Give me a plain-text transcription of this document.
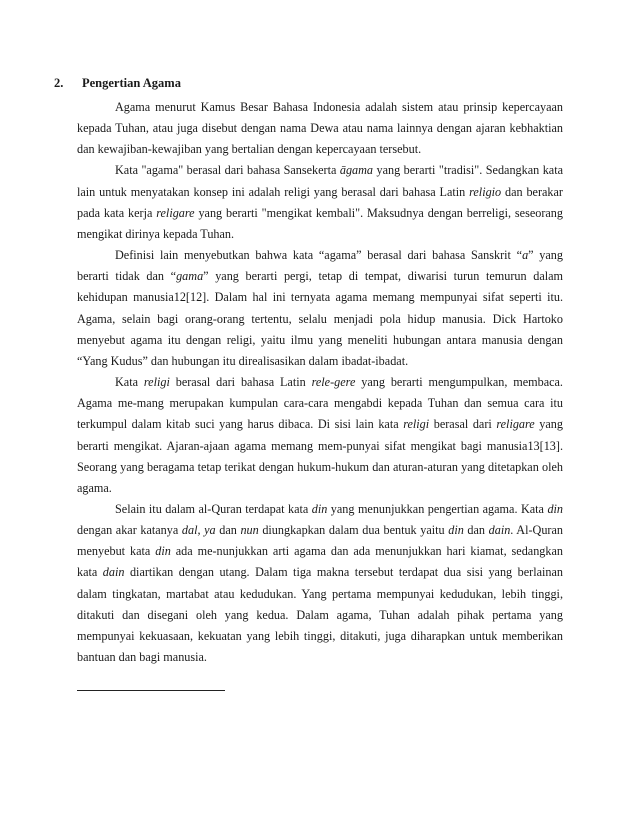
2. Pengertian Agama

Agama menurut Kamus Besar Bahasa Indonesia adalah sistem atau prinsip kepercayaan kepada Tuhan, atau juga disebut dengan nama Dewa atau nama lainnya dengan ajaran kebhaktian dan kewajiban-kewajiban yang bertalian dengan kepercayaan tersebut.

Kata "agama" berasal dari bahasa Sansekerta āgama yang berarti "tradisi". Sedangkan kata lain untuk menyatakan konsep ini adalah religi yang berasal dari bahasa Latin religio dan berakar pada kata kerja religare yang berarti "mengikat kembali". Maksudnya dengan berreligi, seseorang mengikat dirinya kepada Tuhan.

Definisi lain menyebutkan bahwa kata “agama” berasal dari bahasa Sanskrit “a” yang berarti tidak dan “gama” yang berarti pergi, tetap di tempat, diwarisi turun temurun dalam kehidupan manusia12[12]. Dalam hal ini ternyata agama memang mempunyai sifat seperti itu. Agama, selain bagi orang-orang tertentu, selalu menjadi pola hidup manusia. Dick Hartoko menyebut agama itu dengan religi, yaitu ilmu yang meneliti hubungan antara manusia dengan “Yang Kudus” dan hubungan itu direalisasikan dalam ibadat-ibadat.

Kata religi berasal dari bahasa Latin rele-gere yang berarti mengumpulkan, membaca. Agama me-mang merupakan kumpulan cara-cara mengabdi kepada Tuhan dan semua cara itu terkumpul dalam kitab suci yang harus dibaca. Di sisi lain kata religi berasal dari religare yang berarti mengikat. Ajaran-ajaan agama memang mem-punyai sifat mengikat bagi manusia13[13]. Seorang yang beragama tetap terikat dengan hukum-hukum dan aturan-aturan yang ditetapkan oleh agama.

Selain itu dalam al-Quran terdapat kata din yang menunjukkan pengertian agama. Kata din dengan akar katanya dal, ya dan nun diungkapkan dalam dua bentuk yaitu din dan dain. Al-Quran menyebut kata din ada me-nunjukkan arti agama dan ada menunjukkan hari kiamat, sedangkan kata dain diartikan dengan utang. Dalam tiga makna tersebut terdapat dua sisi yang berlainan dalam tingkatan, martabat atau kedudukan. Yang pertama mempunyai kedudukan, lebih tinggi, ditakuti dan disegani oleh yang kedua. Dalam agama, Tuhan adalah pihak pertama yang mempunyai kekuasaan, kekuatan yang lebih tinggi, ditakuti, juga diharapkan untuk memberikan bantuan dan bagi manusia.
